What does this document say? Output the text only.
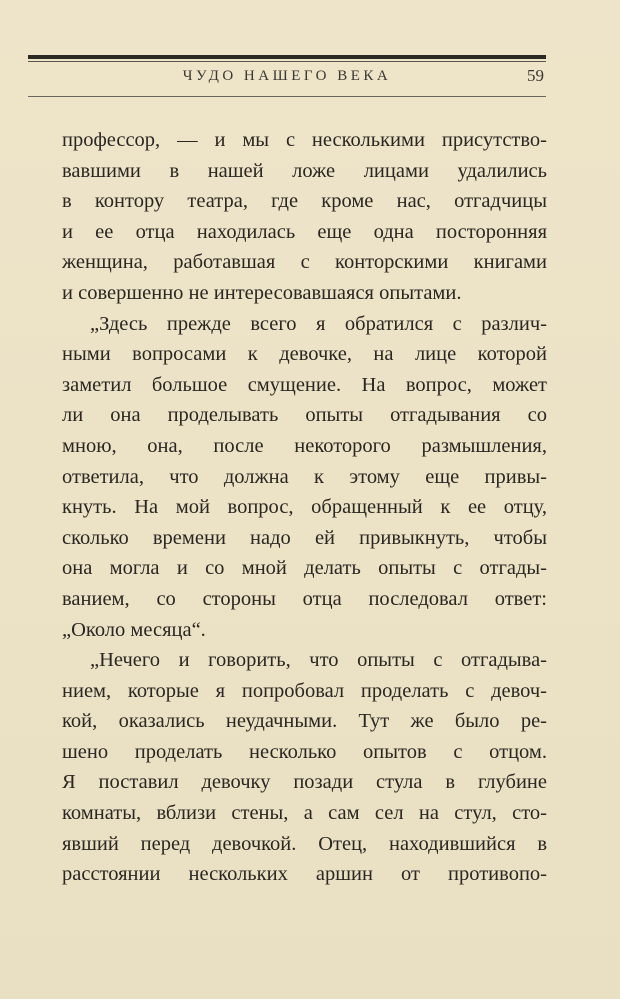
ЧУДО НАШЕГО ВЕКА	59
профессор, — и мы с несколькими присутство-
вавшими в нашей ложе лицами удалились
в контору театра, где кроме нас, отгадчицы
и ее отца находилась еще одна посторонняя
женщина, работавшая с конторскими книгами
и совершенно не интересовавшаяся опытами.
„Здесь прежде всего я обратился с различ-
ными вопросами к девочке, на лице которой
заметил большое смущение. На вопрос, может
ли она проделывать опыты отгадывания со
мною, она, после некоторого размышления,
ответила, что должна к этому еще привы-
кнуть. На мой вопрос, обращенный к ее отцу,
сколько времени надо ей привыкнуть, чтобы
она могла и со мной делать опыты с отгады-
ванием, со стороны отца последовал ответ:
„Около месяца“.
„Нечего и говорить, что опыты с отгадыва-
нием, которые я попробовал проделать с девоч-
кой, оказались неудачными. Тут же было ре-
шено проделать несколько опытов с отцом.
Я поставил девочку позади стула в глубине
комнаты, вблизи стены, а сам сел на стул, сто-
явший перед девочкой. Отец, находившийся в
расстоянии нескольких аршин от противопо-
